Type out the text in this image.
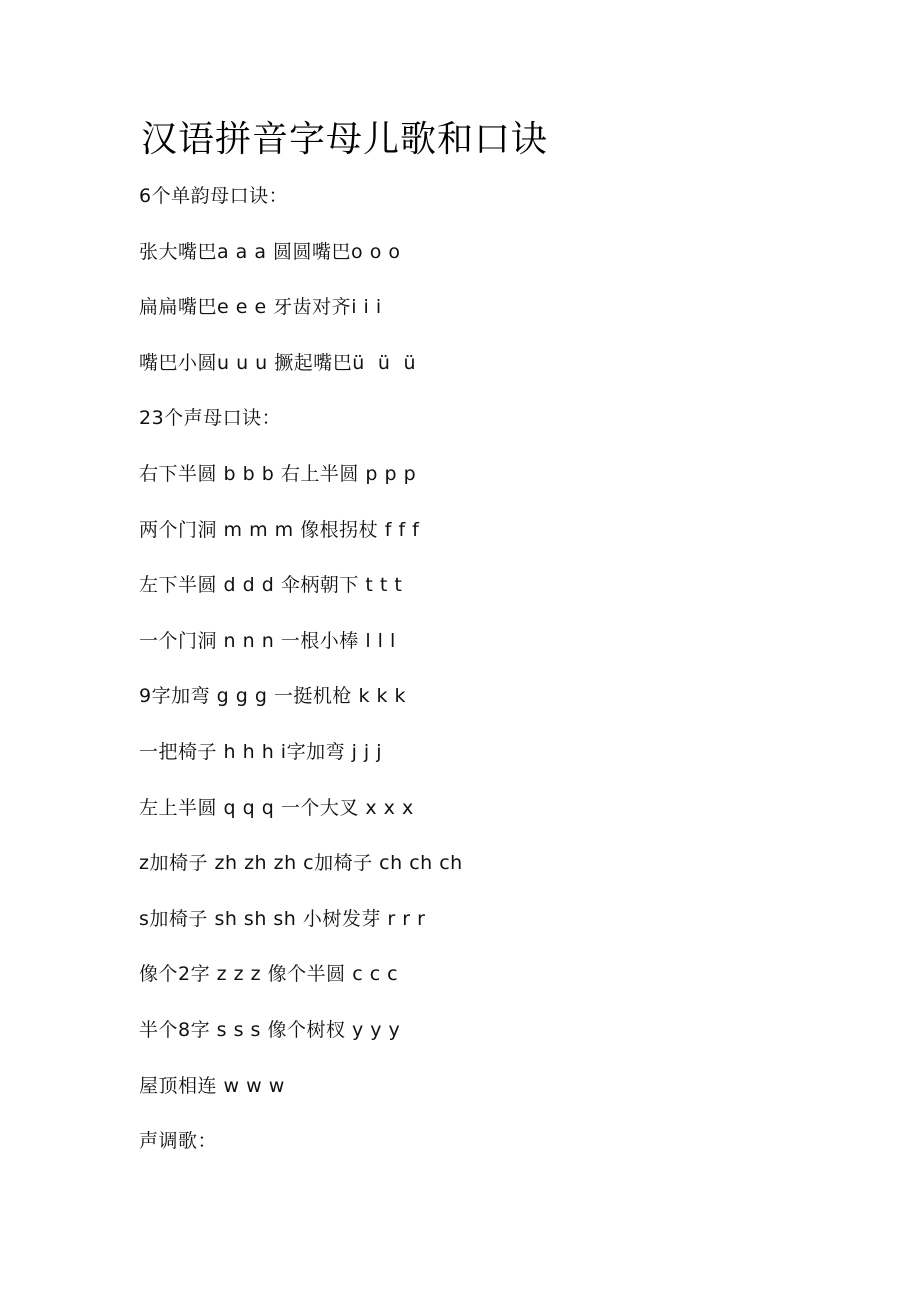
汉语拼音字母儿歌和口诀
6个单韵母口诀：
张大嘴巴a a a 圆圆嘴巴o o o
扁扁嘴巴e e e 牙齿对齐i i i
嘴巴小圆u u u 撅起嘴巴ü  ü  ü
23个声母口诀：
右下半圆 b b b 右上半圆 p p p
两个门洞 m m m 像根拐杖 f f f
左下半圆 d d d 伞柄朝下 t t t
一个门洞 n n n 一根小棒 l l l
9字加弯 g g g 一挺机枪 k k k
一把椅子 h h h i字加弯 j j j
左上半圆 q q q 一个大叉 x x x
z加椅子 zh zh zh c加椅子 ch ch ch
s加椅子 sh sh sh 小树发芽 r r r
像个2字 z z z 像个半圆 c c c
半个8字 s s s 像个树杈 y y y
屋顶相连 w w w
声调歌：
